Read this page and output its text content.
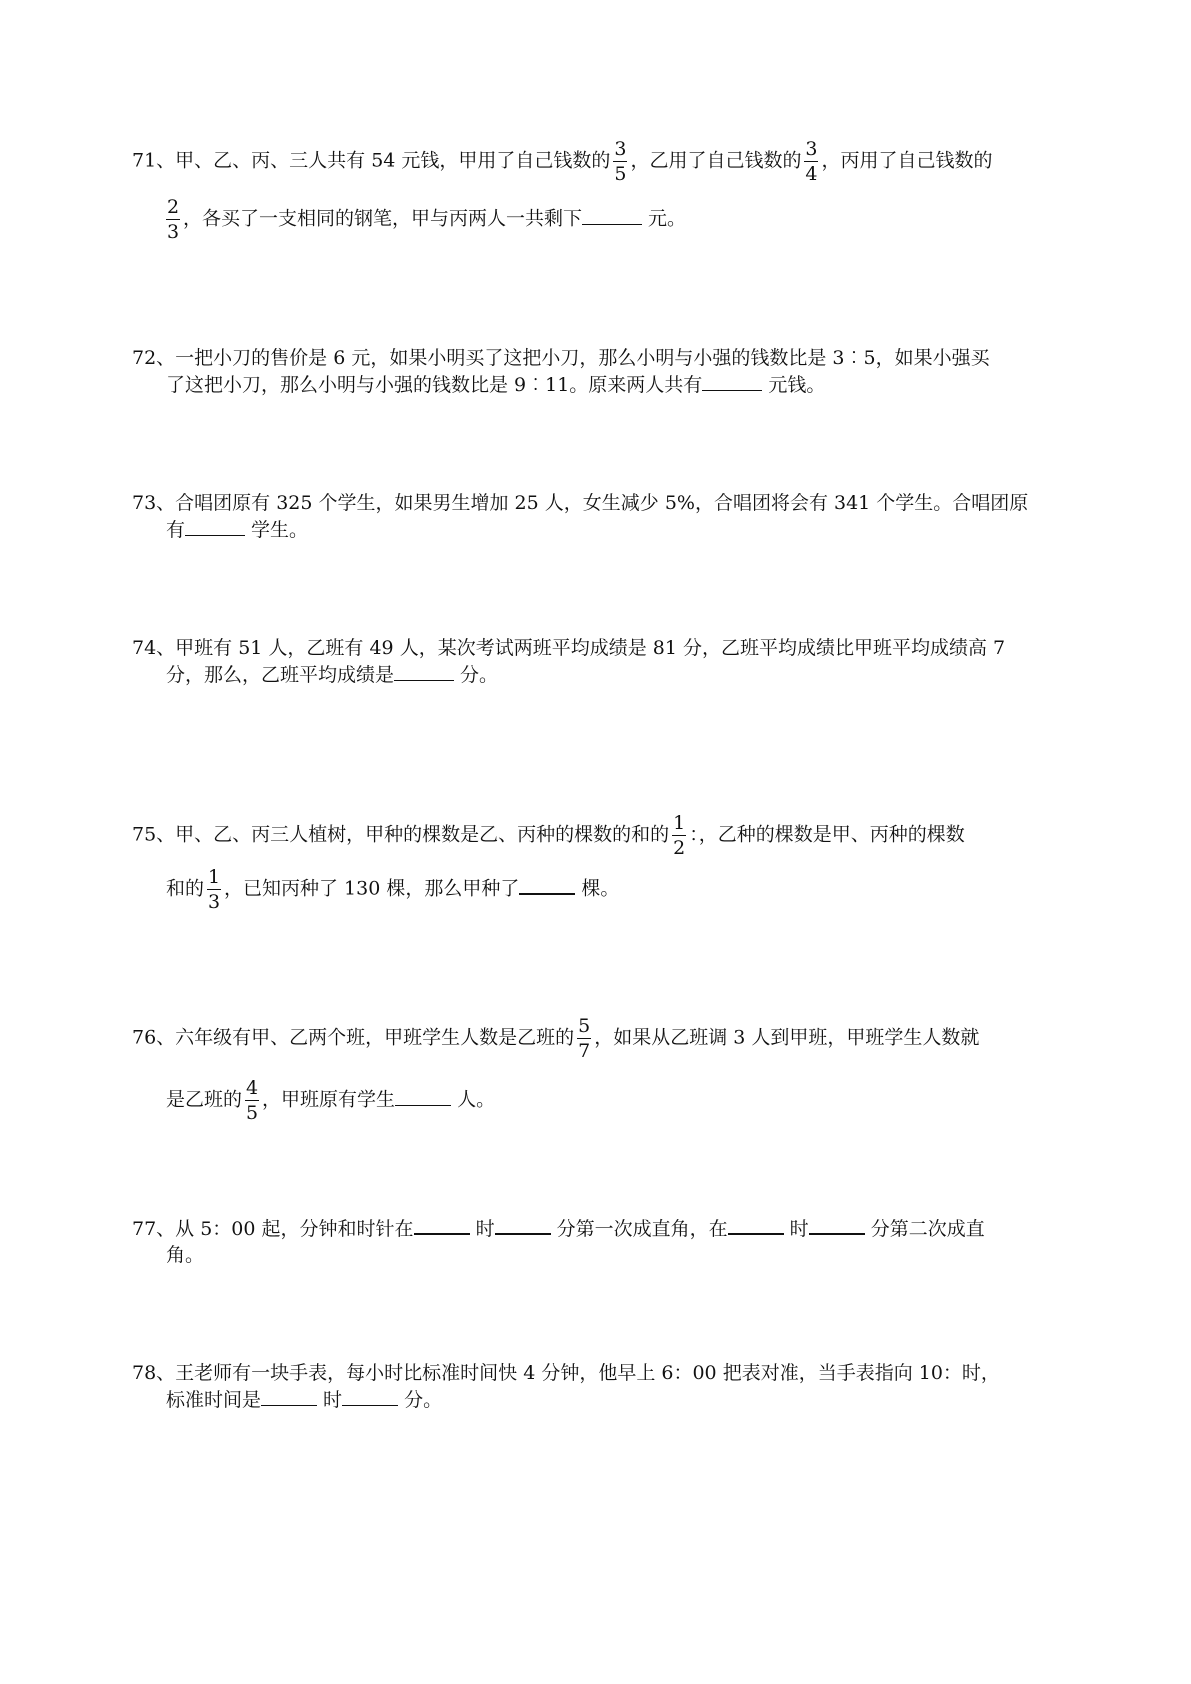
71、甲、乙、丙、三人共有 54 元钱，甲用了自己钱数的 $\frac{3}{5}$ ，乙用了自己钱数的 $\frac{3}{4}$ ，丙用了自己钱数的
$\frac{2}{3}$ ，各买了一支相同的钢笔，甲与丙两人一共剩下	元。
72、一把小刀的售价是 6 元，如果小明买了这把小刀，那么小明与小强的钱数比是 3︰5，如果小强买
了这把小刀，那么小明与小强的钱数比是 9︰11。原来两人共有	元钱。
73、合唱团原有 325 个学生，如果男生增加 25 人，女生减少 5%，合唱团将会有 341 个学生。合唱团原
有	学生。
74、甲班有 51 人，乙班有 49 人，某次考试两班平均成绩是 81 分，乙班平均成绩比甲班平均成绩高 7
分，那么，乙班平均成绩是	分。
75、甲、乙、丙三人植树，甲种的棵数是乙、丙种的棵数的和的 $\frac{1}{2}$ ：，乙种的棵数是甲、丙种的棵数
和的 $\frac{1}{3}$ ，已知丙种了 130 棵，那么甲种了	棵。
76、六年级有甲、乙两个班，甲班学生人数是乙班的 $\frac{5}{7}$ ，如果从乙班调 3 人到甲班，甲班学生人数就
是乙班的 $\frac{4}{5}$ ，甲班原有学生	人。
77、从 5：00 起，分钟和时针在	时	分第一次成直角，在	时	分第二次成直
角。
78、王老师有一块手表，每小时比标准时间快 4 分钟，他早上 6：00 把表对准，当手表指向 10：时，
标准时间是	时	分。
